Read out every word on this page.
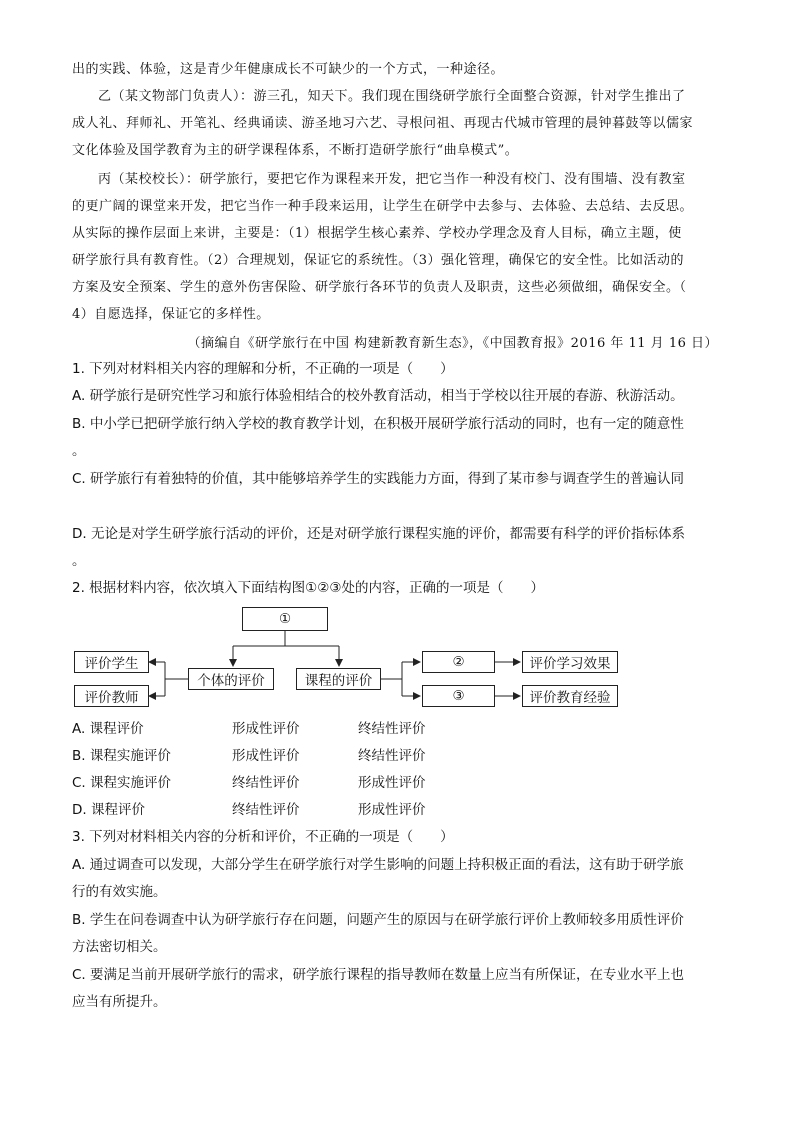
出的实践、体验，这是青少年健康成长不可缺少的一个方式，一种途径。
乙（某文物部门负责人）：游三孔，知天下。我们现在围绕研学旅行全面整合资源，针对学生推出了
成人礼、拜师礼、开笔礼、经典诵读、游圣地习六艺、寻根问祖、再现古代城市管理的晨钟暮鼓等以儒家
文化体验及国学教育为主的研学课程体系，不断打造研学旅行“曲阜模式”。
丙（某校校长）：研学旅行，要把它作为课程来开发，把它当作一种没有校门、没有围墙、没有教室
的更广阔的课堂来开发，把它当作一种手段来运用，让学生在研学中去参与、去体验、去总结、去反思。
从实际的操作层面上来讲，主要是：（1）根据学生核心素养、学校办学理念及育人目标，确立主题，使
研学旅行具有教育性。（2）合理规划，保证它的系统性。（3）强化管理，确保它的安全性。比如活动的
方案及安全预案、学生的意外伤害保险、研学旅行各环节的负责人及职责，这些必须做细，确保安全。（
4）自愿选择，保证它的多样性。
（摘编自《研学旅行在中国 构建新教育新生态》，《中国教育报》2016 年 11 月 16 日）
1. 下列对材料相关内容的理解和分析，不正确的一项是（　　）
A. 研学旅行是研究性学习和旅行体验相结合的校外教育活动，相当于学校以往开展的春游、秋游活动。
B. 中小学已把研学旅行纳入学校的教育教学计划，在积极开展研学旅行活动的同时，也有一定的随意性
。
C. 研学旅行有着独特的价值，其中能够培养学生的实践能力方面，得到了某市参与调查学生的普遍认同
D. 无论是对学生研学旅行活动的评价，还是对研学旅行课程实施的评价，都需要有科学的评价指标体系
。
2. 根据材料内容，依次填入下面结构图①②③处的内容，正确的一项是（　　）
①
评价学生
评价教师
个体的评价	课程的评价
②
③
评价学习效果
评价教育经验
A. 课程评价	形成性评价	终结性评价
B. 课程实施评价	形成性评价	终结性评价
C. 课程实施评价	终结性评价	形成性评价
D. 课程评价	终结性评价	形成性评价
3. 下列对材料相关内容的分析和评价，不正确的一项是（　　）
A. 通过调查可以发现，大部分学生在研学旅行对学生影响的问题上持积极正面的看法，这有助于研学旅
行的有效实施。
B. 学生在问卷调查中认为研学旅行存在问题，问题产生的原因与在研学旅行评价上教师较多用质性评价
方法密切相关。
C. 要满足当前开展研学旅行的需求，研学旅行课程的指导教师在数量上应当有所保证，在专业水平上也
应当有所提升。
